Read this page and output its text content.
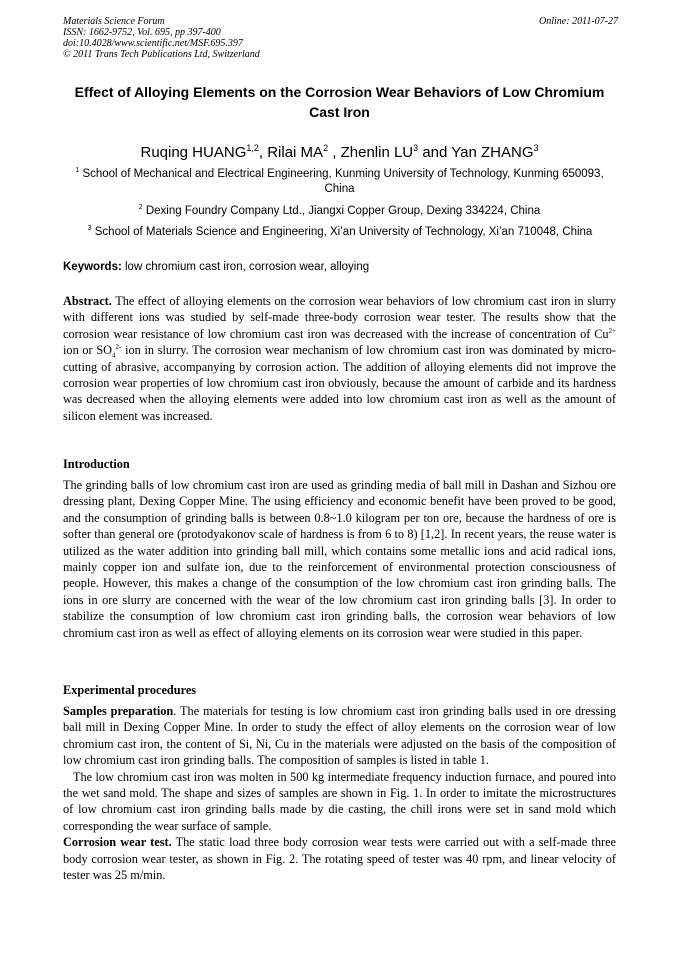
Materials Science Forum
ISSN: 1662-9752, Vol. 695, pp 397-400
doi:10.4028/www.scientific.net/MSF.695.397
© 2011 Trans Tech Publications Ltd, Switzerland
Online: 2011-07-27
Effect of Alloying Elements on the Corrosion Wear Behaviors of Low Chromium Cast Iron
Ruqing HUANG$^{1,2}$, Rilai $MA^2$ , Zhenlin $LU^3$ and Yan ZHANG$^3$
$^1$ School of Mechanical and Electrical Engineering, Kunming University of Technology, Kunming 650093, China
$^2$ Dexing Foundry Company Ltd., Jiangxi Copper Group, Dexing 334224, China
$^3$ School of Materials Science and Engineering, Xi’an University of Technology, Xi’an 710048, China
Keywords: low chromium cast iron, corrosion wear, alloying
Abstract. The effect of alloying elements on the corrosion wear behaviors of low chromium cast iron in slurry with different ions was studied by self-made three-body corrosion wear tester. The results show that the corrosion wear resistance of low chromium cast iron was decreased with the increase of concentration of $Cu^{2+}$ ion or $SO_4^{2-}$ ion in slurry. The corrosion wear mechanism of low chromium cast iron was dominated by micro-cutting of abrasive, accompanying by corrosion action. The addition of alloying elements did not improve the corrosion wear properties of low chromium cast iron obviously, because the amount of carbide and its hardness was decreased when the alloying elements were added into low chromium cast iron as well as the amount of silicon element was increased.
Introduction
The grinding balls of low chromium cast iron are used as grinding media of ball mill in Dashan and Sizhou ore dressing plant, Dexing Copper Mine. The using efficiency and economic benefit have been proved to be good, and the consumption of grinding balls is between 0.8~1.0 kilogram per ton ore, because the hardness of ore is softer than general ore (protodyakonov scale of hardness is from 6 to 8) [1,2]. In recent years, the reuse water is utilized as the water addition into grinding ball mill, which contains some metallic ions and acid radical ions, mainly copper ion and sulfate ion, due to the reinforcement of environmental protection consciousness of people. However, this makes a change of the consumption of the low chromium cast iron grinding balls. The ions in ore slurry are concerned with the wear of the low chromium cast iron grinding balls [3]. In order to stabilize the consumption of low chromium cast iron grinding balls, the corrosion wear behaviors of low chromium cast iron as well as effect of alloying elements on its corrosion wear were studied in this paper.
Experimental procedures
Samples preparation. The materials for testing is low chromium cast iron grinding balls used in ore dressing ball mill in Dexing Copper Mine. In order to study the effect of alloy elements on the corrosion wear of low chromium cast iron, the content of Si, Ni, Cu in the materials were adjusted on the basis of the composition of low chromium cast iron grinding balls. The composition of samples is listed in table 1.
The low chromium cast iron was molten in 500 kg intermediate frequency induction furnace, and poured into the wet sand mold. The shape and sizes of samples are shown in Fig. 1. In order to imitate the microstructures of low chromium cast iron grinding balls made by die casting, the chill irons were set in sand mold which corresponding the wear surface of sample.
Corrosion wear test. The static load three body corrosion wear tests were carried out with a self-made three body corrosion wear tester, as shown in Fig. 2. The rotating speed of tester was 40 rpm, and linear velocity of tester was 25 m/min.
